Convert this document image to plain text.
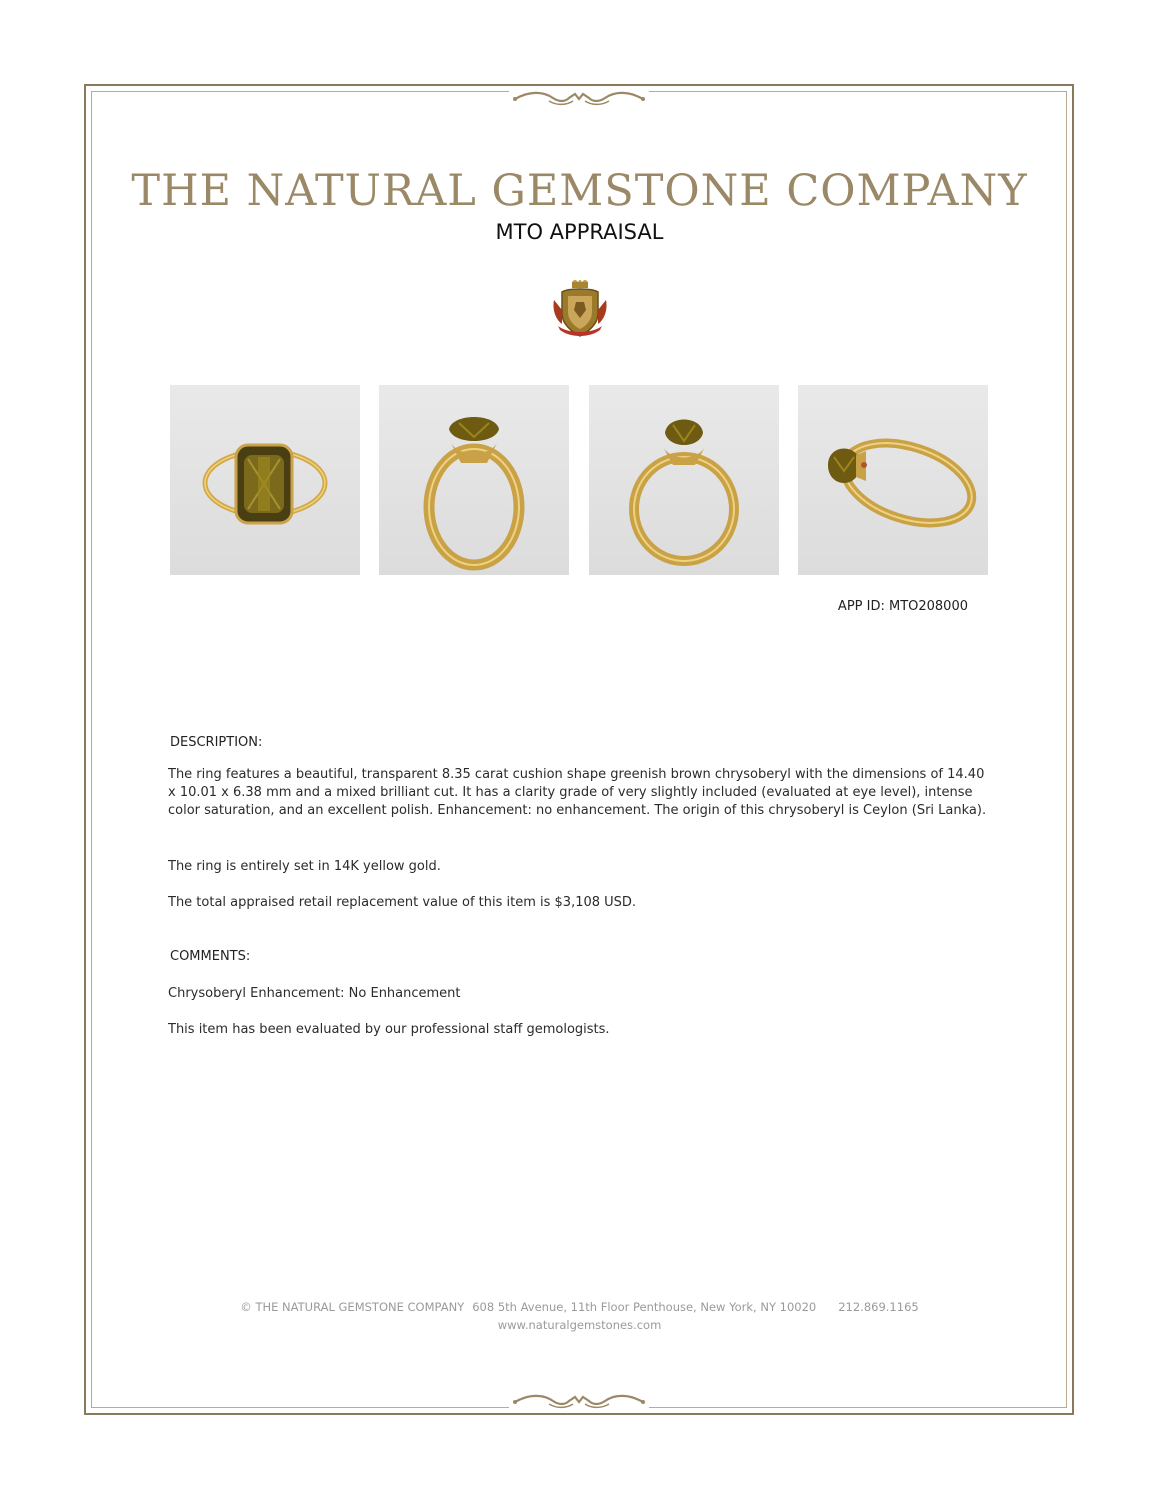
THE NATURAL GEMSTONE COMPANY
MTO APPRAISAL
APP ID: MTO208000
DESCRIPTION:

The ring features a beautiful, transparent 8.35 carat cushion shape greenish brown chrysoberyl with the dimensions of 14.40 x 10.01 x 6.38 mm and a mixed brilliant cut. It has a clarity grade of very slightly included (evaluated at eye level), intense color saturation, and an excellent polish. Enhancement: no enhancement. The origin of this chrysoberyl is Ceylon (Sri Lanka).

The ring is entirely set in 14K yellow gold.

The total appraised retail replacement value of this item is $3,108 USD.

COMMENTS:

Chrysoberyl Enhancement: No Enhancement

This item has been evaluated by our professional staff gemologists.

© THE NATURAL GEMSTONE COMPANY 608 5th Avenue, 11th Floor Penthouse, New York, NY 10020 212.869.1165
www.naturalgemstones.com
